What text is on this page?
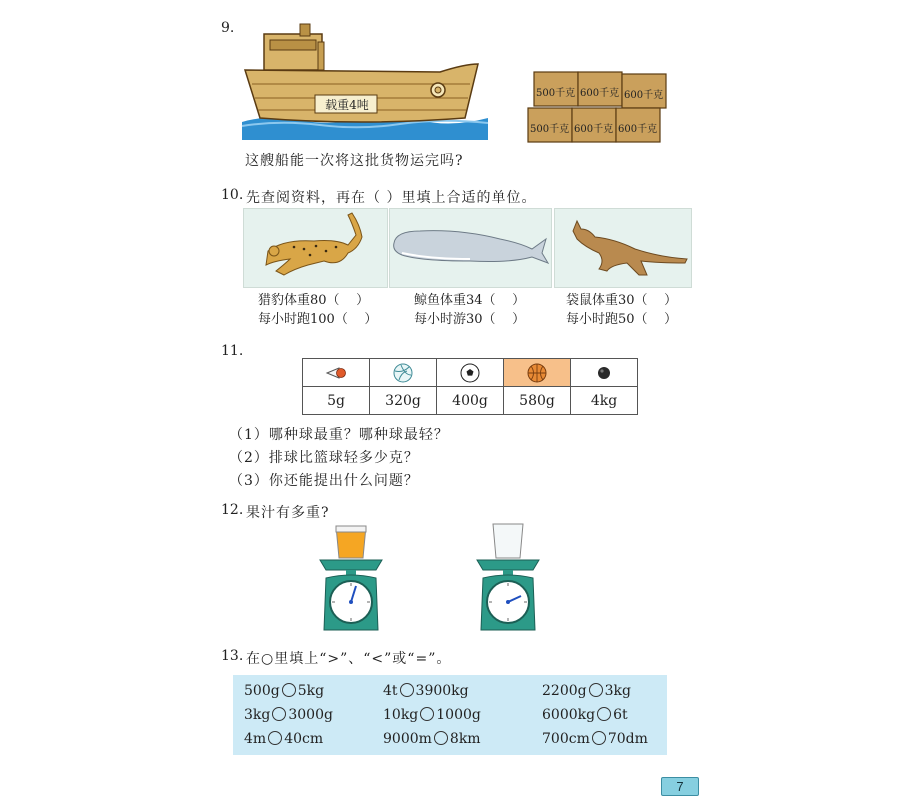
9.
载重4吨
500千克 600千克 600千克
500千克 600千克 600千克
这艘船能一次将这批货物运完吗?
10. 先查阅资料，再在（ ）里填上合适的单位。
猎豹体重80（    ）
每小时跑100（    ）
鲸鱼体重34（    ）
每小时游30（    ）
袋鼠体重30（    ）
每小时跑50（    ）
11.

5g	320g	400g	580g	4kg
（1）哪种球最重？哪种球最轻？
（2）排球比篮球轻多少克？
（3）你还能提出什么问题？
12. 果汁有多重?
13. 在○里填上“>”、“<”或“=”。
500g 5kg	4t 3900kg	2200g 3kg
3kg 3000g	10kg 1000g	6000kg 6t
4m 40cm	9000m 8km	700cm 70dm
7
